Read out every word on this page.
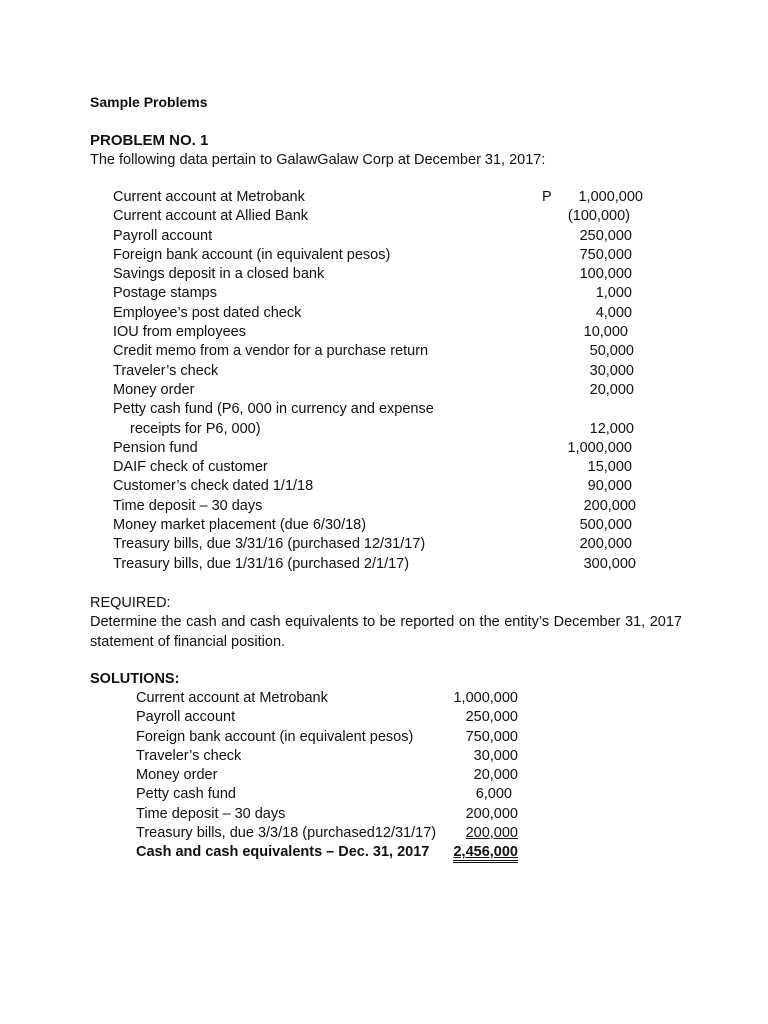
Sample Problems
PROBLEM NO. 1
The following data pertain to GalawGalaw Corp at December 31, 2017:
Current account at Metrobank	P 1,000,000
Current account at Allied Bank	(100,000)
Payroll account	250,000
Foreign bank account (in equivalent pesos)	750,000
Savings deposit in a closed bank	100,000
Postage stamps	1,000
Employee’s post dated check	4,000
IOU from employees	10,000
Credit memo from a vendor for a purchase return	50,000
Traveler’s check	30,000
Money order	20,000
Petty cash fund (P6, 000 in currency and expense
receipts for P6, 000)	12,000
Pension fund	1,000,000
DAIF check of customer	15,000
Customer’s check dated 1/1/18	90,000
Time deposit – 30 days	200,000
Money market placement (due 6/30/18)	500,000
Treasury bills, due 3/31/16 (purchased 12/31/17)	200,000
Treasury bills, due 1/31/16 (purchased 2/1/17)	300,000
REQUIRED:
Determine the cash and cash equivalents to be reported on the entity’s December 31, 2017 statement of financial position.
SOLUTIONS:
Current account at Metrobank	1,000,000
Payroll account	250,000
Foreign bank account (in equivalent pesos)	750,000
Traveler’s check	30,000
Money order	20,000
Petty cash fund	6,000
Time deposit – 30 days	200,000
Treasury bills, due 3/3/18 (purchased12/31/17) 200,000
Cash and cash equivalents – Dec. 31, 2017 2,456,000
